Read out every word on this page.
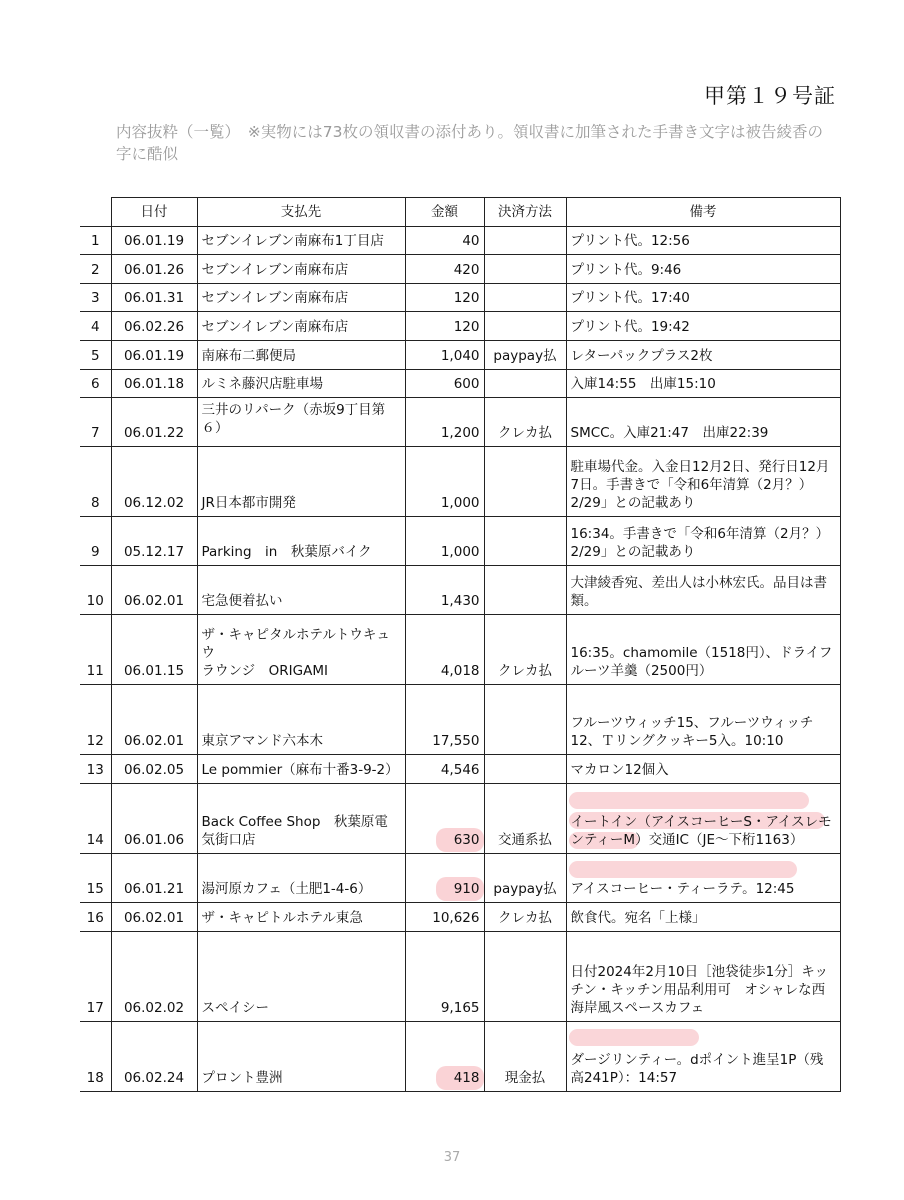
甲第１９号証
内容抜粋（一覧）　※実物には73枚の領収書の添付あり。領収書に加筆された手書き文字は被告綾香の字に酷似
	日付	支払先	金額	決済方法	備考
1	06.01.19	セブンイレブン南麻布1丁目店	40		プリント代。12:56
2	06.01.26	セブンイレブン南麻布店	420		プリント代。9:46
3	06.01.31	セブンイレブン南麻布店	120		プリント代。17:40
4	06.02.26	セブンイレブン南麻布店	120		プリント代。19:42
5	06.01.19	南麻布二郵便局	1,040	paypay払	レターパックプラス2枚
6	06.01.18	ルミネ藤沢店駐車場	600		入庫14:55　出庫15:10
7	06.01.22	三井のリパーク（赤坂9丁目第６）	1,200	クレカ払	SMCC。入庫21:47　出庫22:39
8	06.12.02	JR日本都市開発	1,000		駐車場代金。入金日12月2日、発行日12月7日。手書きで「令和6年清算（2月？）2/29」との記載あり
9	05.12.17	Parking　in　秋葉原バイク	1,000		16:34。手書きで「令和6年清算（2月？）2/29」との記載あり
10	06.02.01	宅急便着払い	1,430		大津綾香宛、差出人は小林宏氏。品目は書類。
11	06.01.15	ザ・キャピタルホテルトウキュウ
ラウンジ　ORIGAMI	4,018	クレカ払	16:35。chamomile（1518円）、ドライフルーツ羊羹（2500円）
12	06.02.01	東京アマンド六本木	17,550		フルーツウィッチ15、フルーツウィッチ12、Ｔリングクッキー5入。10:10
13	06.02.05	Le pommier（麻布十番3-9-2）	4,546		マカロン12個入
14	06.01.06	Back Coffee Shop　秋葉原電気街口店	630	交通系払	イートイン（アイスコーヒーS・アイスレモンティーM）交通IC（JE〜下桁1163）
15	06.01.21	湯河原カフェ（土肥1-4-6）	910	paypay払	アイスコーヒー・ティーラテ。12:45
16	06.02.01	ザ・キャピトルホテル東急	10,626	クレカ払	飲食代。宛名「上様」
17	06.02.02	スペイシー	9,165		日付2024年2月10日［池袋徒歩1分］キッチン・キッチン用品利用可　オシャレな西海岸風スペースカフェ
18	06.02.24	プロント豊洲	418	現金払	ダージリンティー。dポイント進呈1P（残高241P）：14:57
37
